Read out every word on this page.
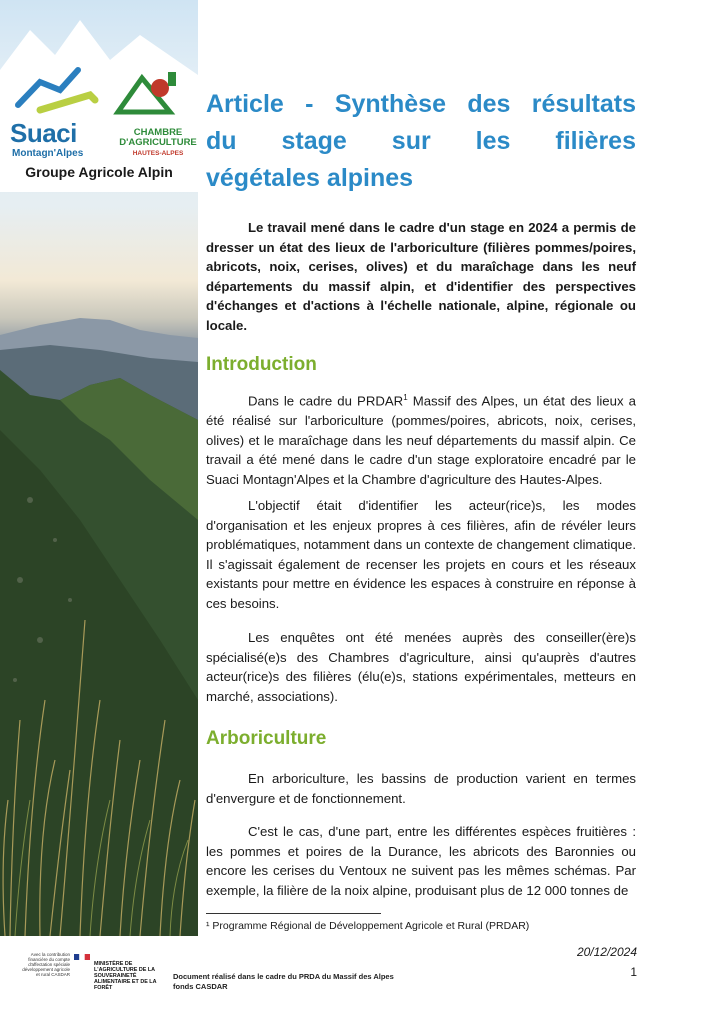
Suaci
Montagn'Alpes
CHAMBRE D'AGRICULTURE
HAUTES-ALPES
Groupe Agricole Alpin
Article - Synthèse des résultats
du stage sur les filières
végétales alpines

Le travail mené dans le cadre d'un stage en 2024 a permis de dresser un état des lieux de l'arboriculture (filières pommes/poires, abricots, noix, cerises, olives) et du maraîchage dans les neuf départements du massif alpin, et d'identifier des perspectives d'échanges et d'actions à l'échelle nationale, alpine, régionale ou locale.

Introduction

Dans le cadre du PRDAR$^1$ Massif des Alpes, un état des lieux a été réalisé sur l'arboriculture (pommes/poires, abricots, noix, cerises, olives) et le maraîchage dans les neuf départements du massif alpin. Ce travail a été mené dans le cadre d'un stage exploratoire encadré par le Suaci Montagn'Alpes et la Chambre d'agriculture des Hautes-Alpes.

L'objectif était d'identifier les acteur(rice)s, les modes d'organisation et les enjeux propres à ces filières, afin de révéler leurs problématiques, notamment dans un contexte de changement climatique. Il s'agissait également de recenser les projets en cours et les réseaux existants pour mettre en évidence les espaces à construire en réponse à ces besoins.

Les enquêtes ont été menées auprès des conseiller(ère)s spécialisé(e)s des Chambres d'agriculture, ainsi qu'auprès d'autres acteur(rice)s des filières (élu(e)s, stations expérimentales, metteurs en marché, associations).

Arboriculture

En arboriculture, les bassins de production varient en termes d'envergure et de fonctionnement.

C'est le cas, d'une part, entre les différentes espèces fruitières : les pommes et poires de la Durance, les abricots des Baronnies ou encore les cerises du Ventoux ne suivent pas les mêmes schémas. Par exemple, la filière de la noix alpine, produisant plus de 12 000 tonnes de

¹ Programme Régional de Développement Agricole et Rural (PRDAR)
20/12/2024
1
Avec la contribution financière du compte d'affectation spéciale développement agricole et rural CASDAR
MINISTÈRE DE L'AGRICULTURE DE LA SOUVERAINETÉ ALIMENTAIRE ET DE LA FORÊT
Document réalisé dans le cadre du PRDA du Massif des Alpes
fonds CASDAR
